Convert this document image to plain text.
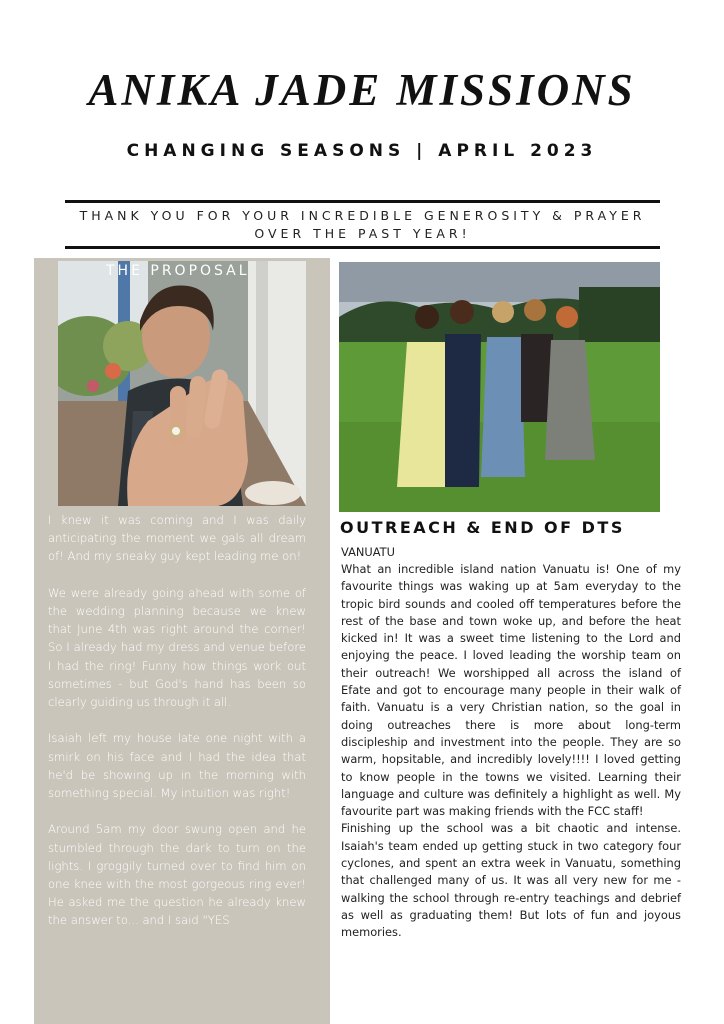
ANIKA JADE MISSIONS
CHANGING SEASONS | APRIL 2023
THANK YOU FOR YOUR INCREDIBLE GENEROSITY & PRAYER OVER THE PAST YEAR!
THE PROPOSAL

I knew it was coming and I was daily anticipating the moment we gals all dream of! And my sneaky guy kept leading me on!

We were already going ahead with some of the wedding planning because we knew that June 4th was right around the corner! So I already had my dress and venue before I had the ring! Funny how things work out sometimes - but God's hand has been so clearly guiding us through it all.

Isaiah left my house late one night with a smirk on his face and I had the idea that he'd be showing up in the morning with something special. My intuition was right!

Around 5am my door swung open and he stumbled through the dark to turn on the lights. I groggily turned over to find him on one knee with the most gorgeous ring ever! He asked me the question he already knew the answer to... and I said "YES

OUTREACH & END OF DTS
VANUATU

What an incredible island nation Vanuatu is! One of my favourite things was waking up at 5am everyday to the tropic bird sounds and cooled off temperatures before the rest of the base and town woke up, and before the heat kicked in! It was a sweet time listening to the Lord and enjoying the peace. I loved leading the worship team on their outreach! We worshipped all across the island of Efate and got to encourage many people in their walk of faith. Vanuatu is a very Christian nation, so the goal in doing outreaches there is more about long-term discipleship and investment into the people. They are so warm, hopsitable, and incredibly lovely!!!! I loved getting to know people in the towns we visited. Learning their language and culture was definitely a highlight as well. My favourite part was making friends with the FCC staff!

Finishing up the school was a bit chaotic and intense. Isaiah's team ended up getting stuck in two category four cyclones, and spent an extra week in Vanuatu, something that challenged many of us. It was all very new for me - walking the school through re-entry teachings and debrief as well as graduating them! But lots of fun and joyous memories.
